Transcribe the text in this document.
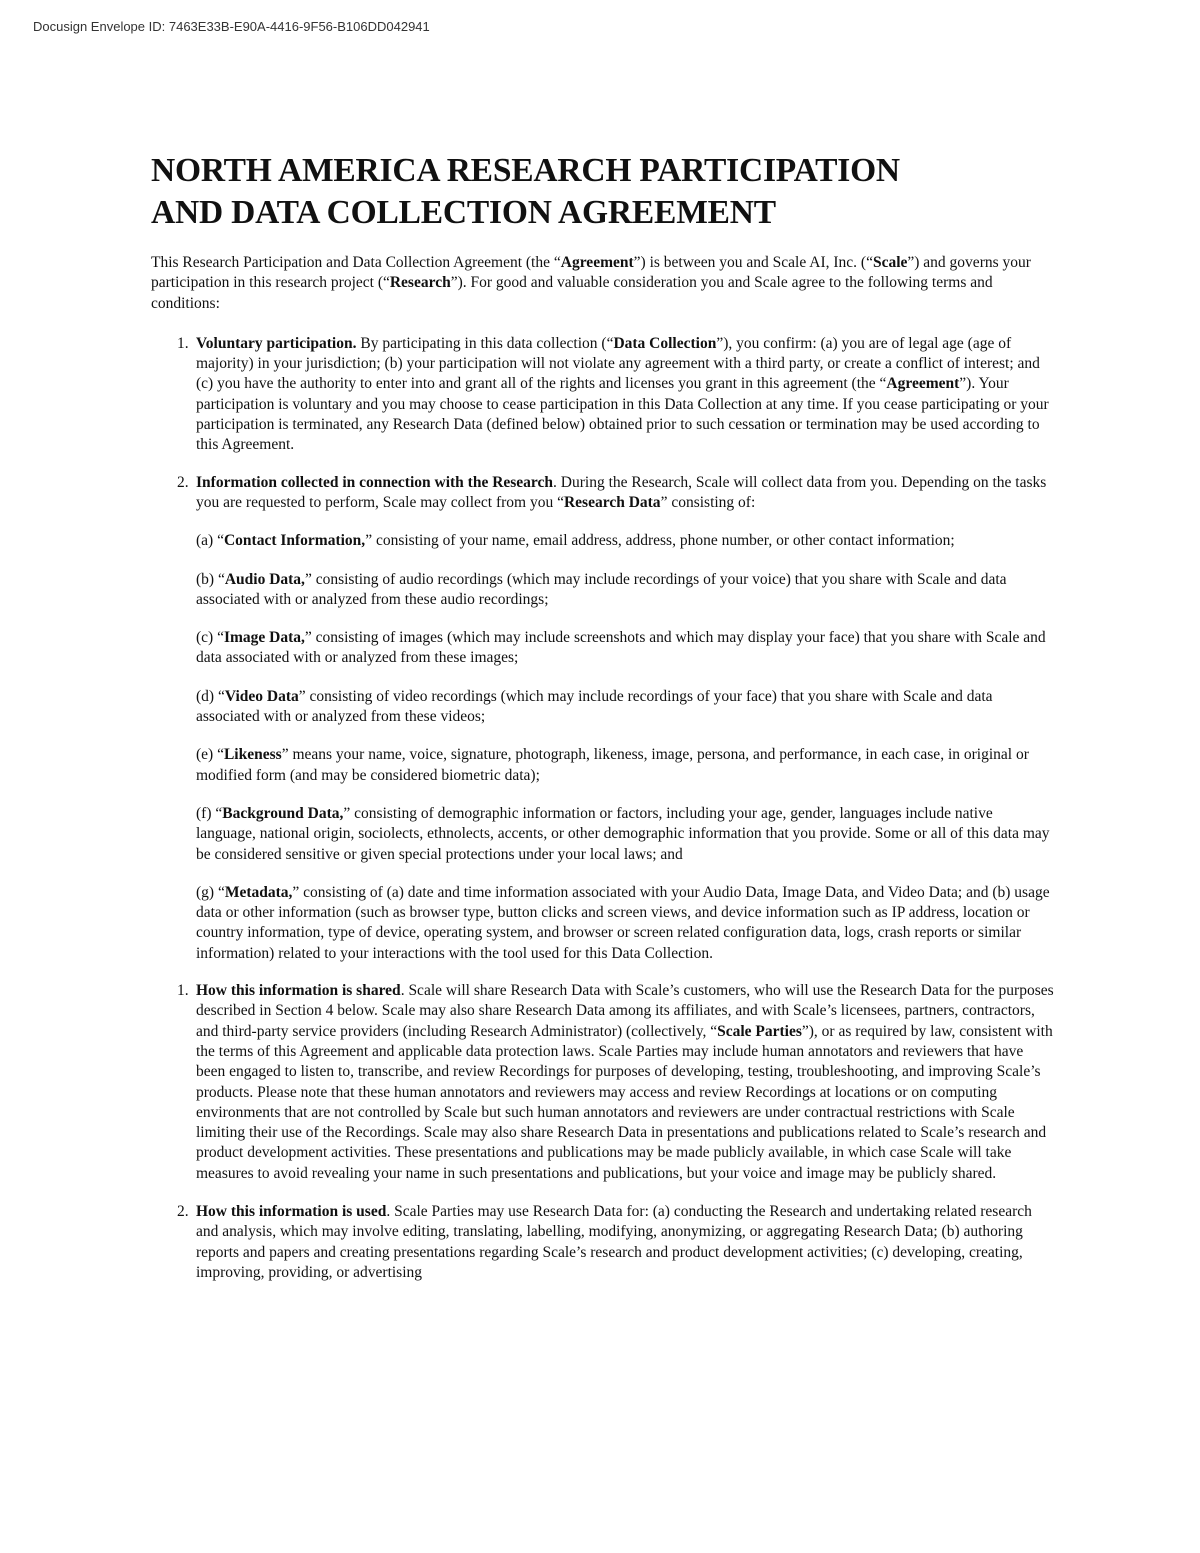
Docusign Envelope ID: 7463E33B-E90A-4416-9F56-B106DD042941
NORTH AMERICA RESEARCH PARTICIPATION
AND DATA COLLECTION AGREEMENT

This Research Participation and Data Collection Agreement (the “Agreement”) is between you and Scale AI, Inc. (“Scale”) and governs your participation in this research project (“Research”). For good and valuable consideration you and Scale agree to the following terms and conditions:

1. Voluntary participation. By participating in this data collection (“Data Collection”), you confirm: (a) you are of legal age (age of majority) in your jurisdiction; (b) your participation will not violate any agreement with a third party, or create a conflict of interest; and (c) you have the authority to enter into and grant all of the rights and licenses you grant in this agreement (the “Agreement”). Your participation is voluntary and you may choose to cease participation in this Data Collection at any time. If you cease participating or your participation is terminated, any Research Data (defined below) obtained prior to such cessation or termination may be used according to this Agreement.

2. Information collected in connection with the Research. During the Research, Scale will collect data from you. Depending on the tasks you are requested to perform, Scale may collect from you “Research Data” consisting of:

(a) “Contact Information,” consisting of your name, email address, address, phone number, or other contact information;

(b) “Audio Data,” consisting of audio recordings (which may include recordings of your voice) that you share with Scale and data associated with or analyzed from these audio recordings;

(c) “Image Data,” consisting of images (which may include screenshots and which may display your face) that you share with Scale and data associated with or analyzed from these images;

(d) “Video Data” consisting of video recordings (which may include recordings of your face) that you share with Scale and data associated with or analyzed from these videos;

(e) “Likeness” means your name, voice, signature, photograph, likeness, image, persona, and performance, in each case, in original or modified form (and may be considered biometric data);

(f) “Background Data,” consisting of demographic information or factors, including your age, gender, languages include native language, national origin, sociolects, ethnolects, accents, or other demographic information that you provide. Some or all of this data may be considered sensitive or given special protections under your local laws; and

(g) “Metadata,” consisting of (a) date and time information associated with your Audio Data, Image Data, and Video Data; and (b) usage data or other information (such as browser type, button clicks and screen views, and device information such as IP address, location or country information, type of device, operating system, and browser or screen related configuration data, logs, crash reports or similar information) related to your interactions with the tool used for this Data Collection.

1. How this information is shared. Scale will share Research Data with Scale’s customers, who will use the Research Data for the purposes described in Section 4 below. Scale may also share Research Data among its affiliates, and with Scale’s licensees, partners, contractors, and third-party service providers (including Research Administrator) (collectively, “Scale Parties”), or as required by law, consistent with the terms of this Agreement and applicable data protection laws. Scale Parties may include human annotators and reviewers that have been engaged to listen to, transcribe, and review Recordings for purposes of developing, testing, troubleshooting, and improving Scale’s products. Please note that these human annotators and reviewers may access and review Recordings at locations or on computing environments that are not controlled by Scale but such human annotators and reviewers are under contractual restrictions with Scale limiting their use of the Recordings. Scale may also share Research Data in presentations and publications related to Scale’s research and product development activities. These presentations and publications may be made publicly available, in which case Scale will take measures to avoid revealing your name in such presentations and publications, but your voice and image may be publicly shared.

2. How this information is used. Scale Parties may use Research Data for: (a) conducting the Research and undertaking related research and analysis, which may involve editing, translating, labelling, modifying, anonymizing, or aggregating Research Data; (b) authoring reports and papers and creating presentations regarding Scale’s research and product development activities; (c) developing, creating, improving, providing, or advertising
